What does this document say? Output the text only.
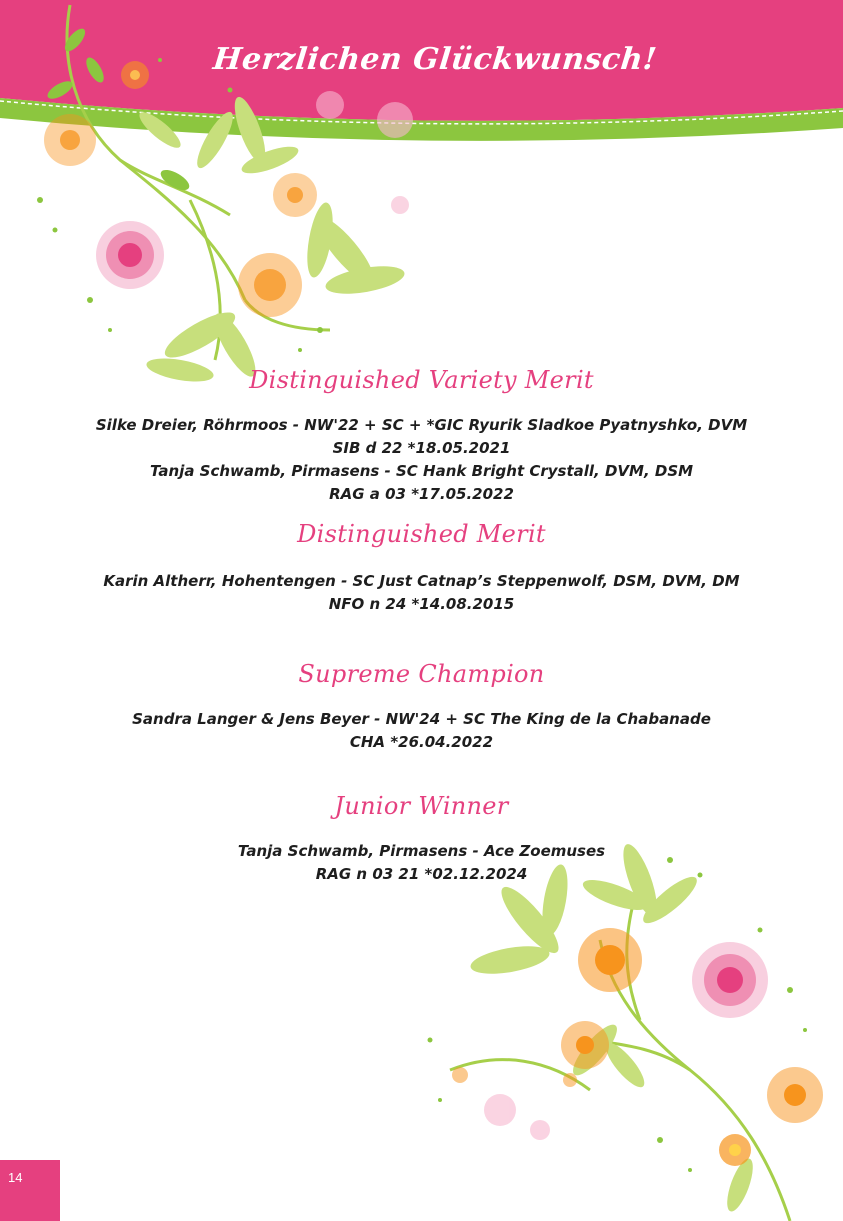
Herzlichen Glückwunsch!
Distinguished Variety Merit

Silke Dreier, Röhrmoos - NW'22 + SC + *GIC Ryurik Sladkoe Pyatnyshko, DVM

SIB d 22 *18.05.2021

Tanja Schwamb, Pirmasens - SC Hank Bright Crystall, DVM, DSM

RAG a 03 *17.05.2022

Distinguished Merit

Karin Altherr, Hohentengen - SC Just Catnap’s Steppenwolf, DSM, DVM, DM

NFO n 24 *14.08.2015

Supreme Champion

Sandra Langer & Jens Beyer - NW'24 + SC The King de la Chabanade

CHA *26.04.2022

Junior Winner

Tanja Schwamb, Pirmasens - Ace Zoemuses

RAG n 03 21 *02.12.2024

14
